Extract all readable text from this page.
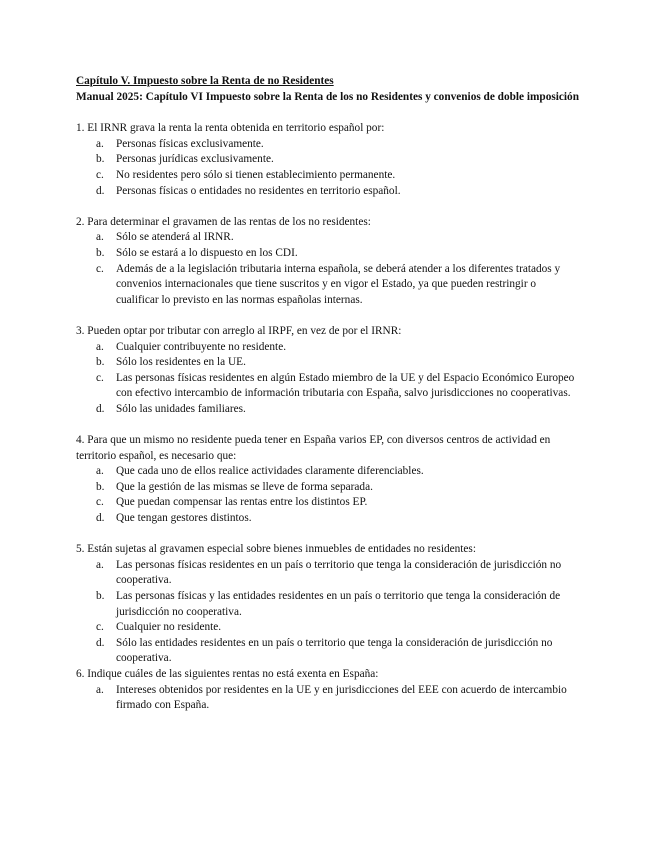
Capítulo V. Impuesto sobre la Renta de no Residentes

Manual 2025: Capítulo VI Impuesto sobre la Renta de los no Residentes y convenios de doble imposición

1. El IRNR grava la renta la renta obtenida en territorio español por:

a. Personas físicas exclusivamente.
b. Personas jurídicas exclusivamente.
c. No residentes pero sólo si tienen establecimiento permanente.
d. Personas físicas o entidades no residentes en territorio español.

2. Para determinar el gravamen de las rentas de los no residentes:

a. Sólo se atenderá al IRNR.
b. Sólo se estará a lo dispuesto en los CDI.
c. Además de a la legislación tributaria interna española, se deberá atender a los diferentes tratados y convenios internacionales que tiene suscritos y en vigor el Estado, ya que pueden restringir o cualificar lo previsto en las normas españolas internas.

3. Pueden optar por tributar con arreglo al IRPF, en vez de por el IRNR:

a. Cualquier contribuyente no residente.
b. Sólo los residentes en la UE.
c. Las personas físicas residentes en algún Estado miembro de la UE y del Espacio Económico Europeo con efectivo intercambio de información tributaria con España, salvo jurisdicciones no cooperativas.
d. Sólo las unidades familiares.

4. Para que un mismo no residente pueda tener en España varios EP, con diversos centros de actividad en territorio español, es necesario que:

a. Que cada uno de ellos realice actividades claramente diferenciables.
b. Que la gestión de las mismas se lleve de forma separada.
c. Que puedan compensar las rentas entre los distintos EP.
d. Que tengan gestores distintos.

5. Están sujetas al gravamen especial sobre bienes inmuebles de entidades no residentes:

a. Las personas físicas residentes en un país o territorio que tenga la consideración de jurisdicción no cooperativa.
b. Las personas físicas y las entidades residentes en un país o territorio que tenga la consideración de jurisdicción no cooperativa.
c. Cualquier no residente.
d. Sólo las entidades residentes en un país o territorio que tenga la consideración de jurisdicción no cooperativa.

6. Indique cuáles de las siguientes rentas no está exenta en España:

a. Intereses obtenidos por residentes en la UE y en jurisdicciones del EEE con acuerdo de intercambio firmado con España.
